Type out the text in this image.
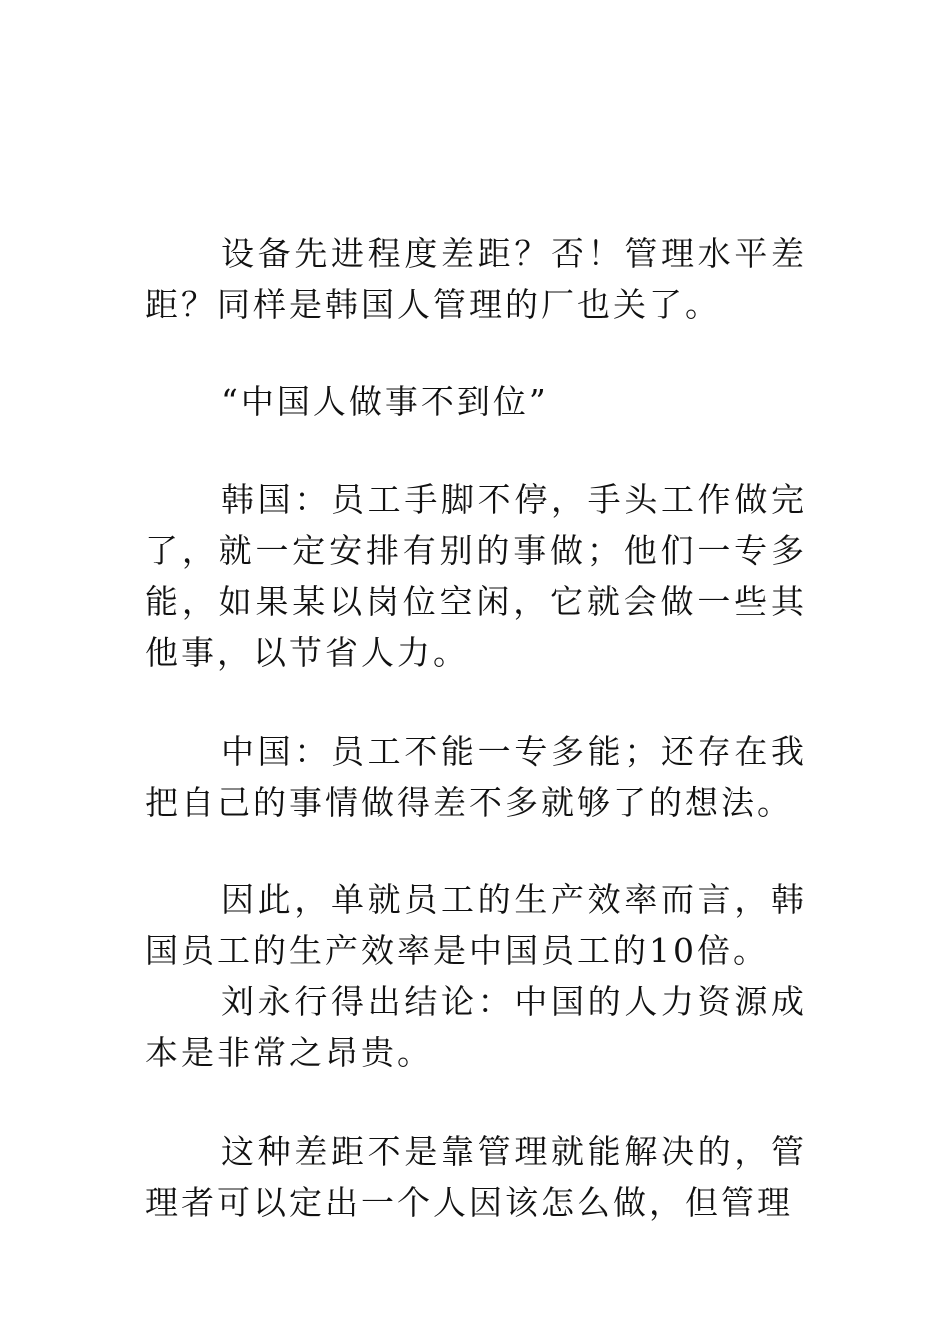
设备先进程度差距？否！管理水平差距？同样是韩国人管理的厂也关了。

“中国人做事不到位”

韩国：员工手脚不停，手头工作做完了，就一定安排有别的事做；他们一专多能，如果某以岗位空闲，它就会做一些其他事，以节省人力。

中国：员工不能一专多能；还存在我把自己的事情做得差不多就够了的想法。

因此，单就员工的生产效率而言，韩国员工的生产效率是中国员工的10倍。

刘永行得出结论：中国的人力资源成本是非常之昂贵。

这种差距不是靠管理就能解决的，管理者可以定出一个人因该怎么做，但管理
